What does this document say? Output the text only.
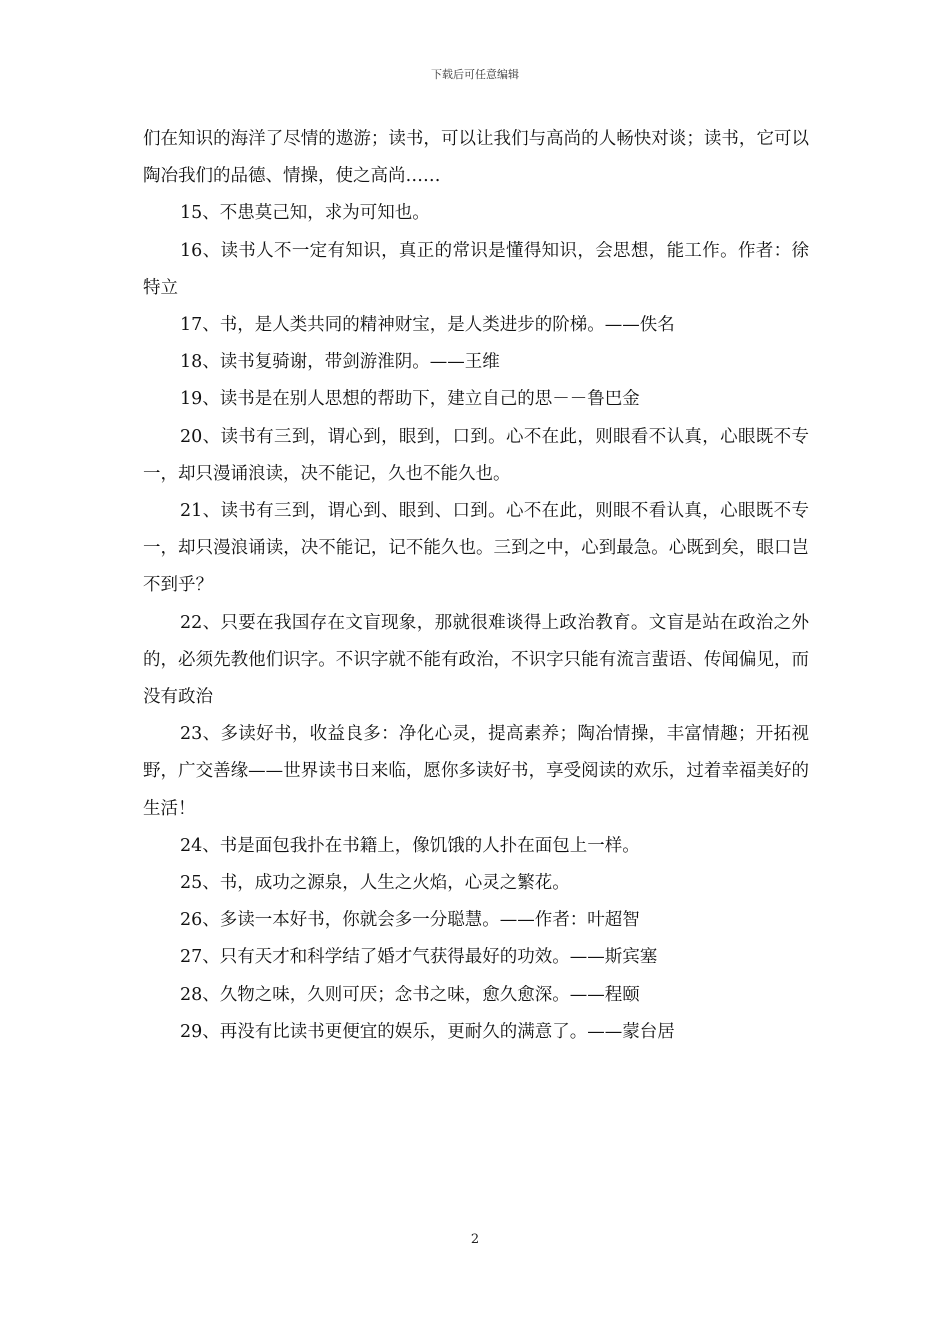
下载后可任意编辑

们在知识的海洋了尽情的遨游；读书，可以让我们与高尚的人畅快对谈；读书，它可以陶冶我们的品德、情操，使之高尚……

15、不患莫己知，求为可知也。

16、读书人不一定有知识，真正的常识是懂得知识，会思想，能工作。作者：徐特立

17、书，是人类共同的精神财宝，是人类进步的阶梯。——佚名

18、读书复骑谢，带剑游淮阴。——王维

19、读书是在别人思想的帮助下，建立自己的思－－鲁巴金

20、读书有三到，谓心到，眼到，口到。心不在此，则眼看不认真，心眼既不专一，却只漫诵浪读，决不能记，久也不能久也。

21、读书有三到，谓心到、眼到、口到。心不在此，则眼不看认真，心眼既不专一，却只漫浪诵读，决不能记，记不能久也。三到之中，心到最急。心既到矣，眼口岂不到乎？

22、只要在我国存在文盲现象，那就很难谈得上政治教育。文盲是站在政治之外的，必须先教他们识字。不识字就不能有政治，不识字只能有流言蜚语、传闻偏见，而没有政治

23、多读好书，收益良多：净化心灵，提高素养；陶冶情操，丰富情趣；开拓视野，广交善缘——世界读书日来临，愿你多读好书，享受阅读的欢乐，过着幸福美好的生活！

24、书是面包我扑在书籍上，像饥饿的人扑在面包上一样。

25、书，成功之源泉，人生之火焰，心灵之繁花。

26、多读一本好书，你就会多一分聪慧。——作者：叶超智

27、只有天才和科学结了婚才气获得最好的功效。——斯宾塞

28、久物之味，久则可厌；念书之味，愈久愈深。——程颐

29、再没有比读书更便宜的娱乐，更耐久的满意了。——蒙台居

2
